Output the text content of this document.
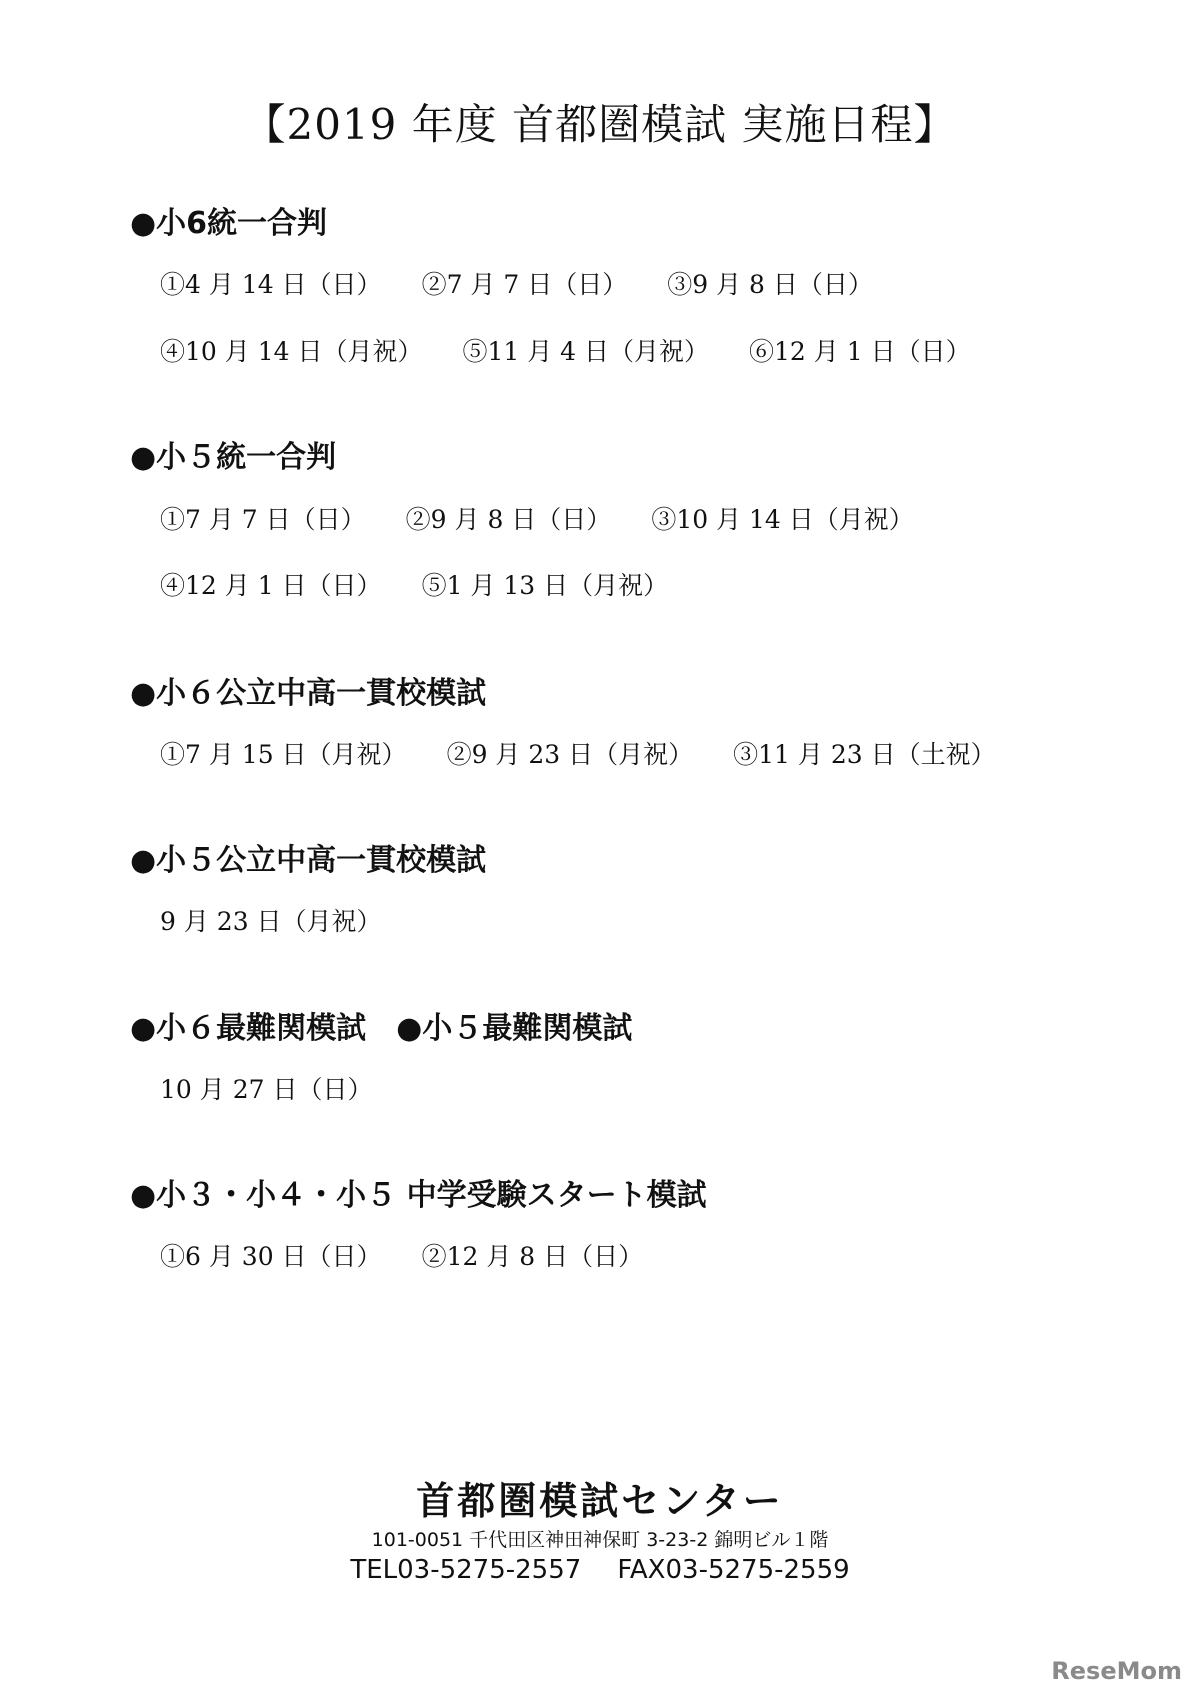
【2019 年度 首都圏模試 実施日程】
●小6統一合判
①4 月 14 日（日） ②7 月 7 日（日） ③9 月 8 日（日）
④10 月 14 日（月祝） ⑤11 月 4 日（月祝） ⑥12 月 1 日（日）
●小５統一合判
①7 月 7 日（日） ②9 月 8 日（日） ③10 月 14 日（月祝）
④12 月 1 日（日） ⑤1 月 13 日（月祝）
●小６公立中高一貫校模試
①7 月 15 日（月祝） ②9 月 23 日（月祝） ③11 月 23 日（土祝）
●小５公立中高一貫校模試
9 月 23 日（月祝）
●小６最難関模試　●小５最難関模試
10 月 27 日（日）
●小３・小４・小５ 中学受験スタート模試
①6 月 30 日（日） ②12 月 8 日（日）
首都圏模試センター
101-0051 千代田区神田神保町 3-23-2 錦明ビル１階
TEL03-5275-2557 FAX03-5275-2559
ReseMom
